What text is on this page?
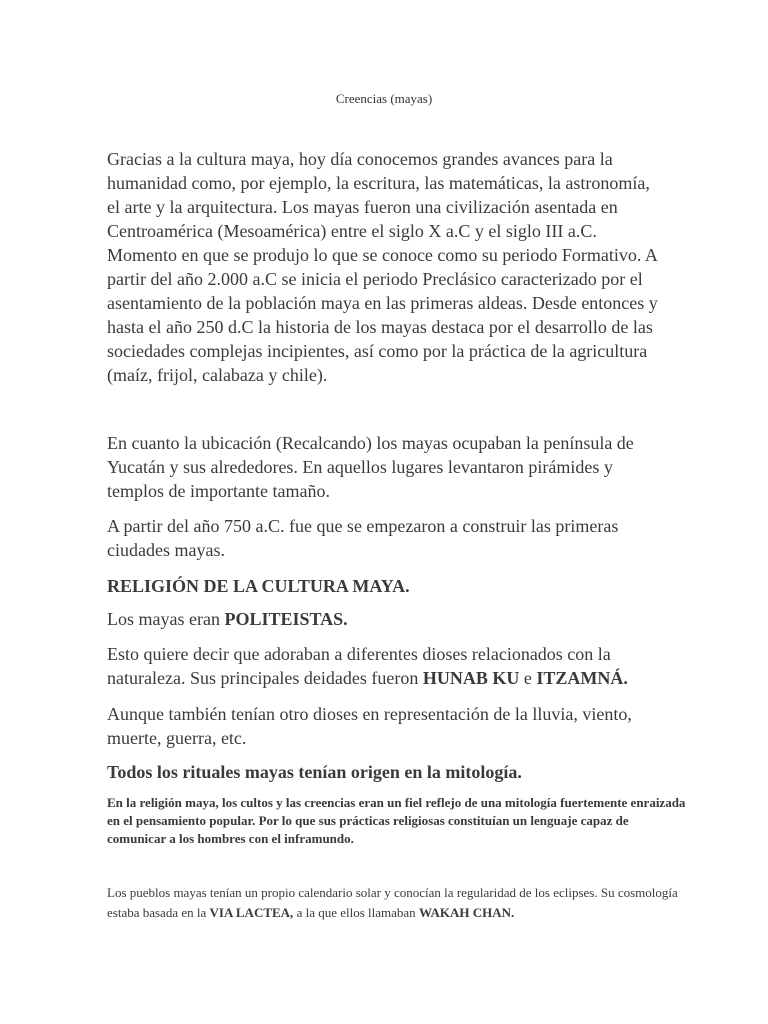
Creencias (mayas)

Gracias a la cultura maya, hoy día conocemos grandes avances para la humanidad como, por ejemplo, la escritura, las matemáticas, la astronomía, el arte y la arquitectura. Los mayas fueron una civilización asentada en Centroamérica (Mesoamérica) entre el siglo X a.C y el siglo III a.C. Momento en que se produjo lo que se conoce como su periodo Formativo. A partir del año 2.000 a.C se inicia el periodo Preclásico caracterizado por el asentamiento de la población maya en las primeras aldeas. Desde entonces y hasta el año 250 d.C la historia de los mayas destaca por el desarrollo de las sociedades complejas incipientes, así como por la práctica de la agricultura (maíz, frijol, calabaza y chile).

En cuanto la ubicación (Recalcando) los mayas ocupaban la península de Yucatán y sus alrededores. En aquellos lugares levantaron pirámides y templos de importante tamaño.

A partir del año 750 a.C. fue que se empezaron a construir las primeras ciudades mayas.

RELIGIÓN DE LA CULTURA MAYA.

Los mayas eran POLITEISTAS.

Esto quiere decir que adoraban a diferentes dioses relacionados con la naturaleza. Sus principales deidades fueron HUNAB KU e ITZAMNÁ.

Aunque también tenían otro dioses en representación de la lluvia, viento, muerte, guerra, etc.

Todos los rituales mayas tenían origen en la mitología.

En la religión maya, los cultos y las creencias eran un fiel reflejo de una mitología fuertemente enraizada en el pensamiento popular. Por lo que sus prácticas religiosas constituían un lenguaje capaz de comunicar a los hombres con el inframundo.

Los pueblos mayas tenían un propio calendario solar y conocían la regularidad de los eclipses. Su cosmología estaba basada en la VIA LACTEA, a la que ellos llamaban WAKAH CHAN.
